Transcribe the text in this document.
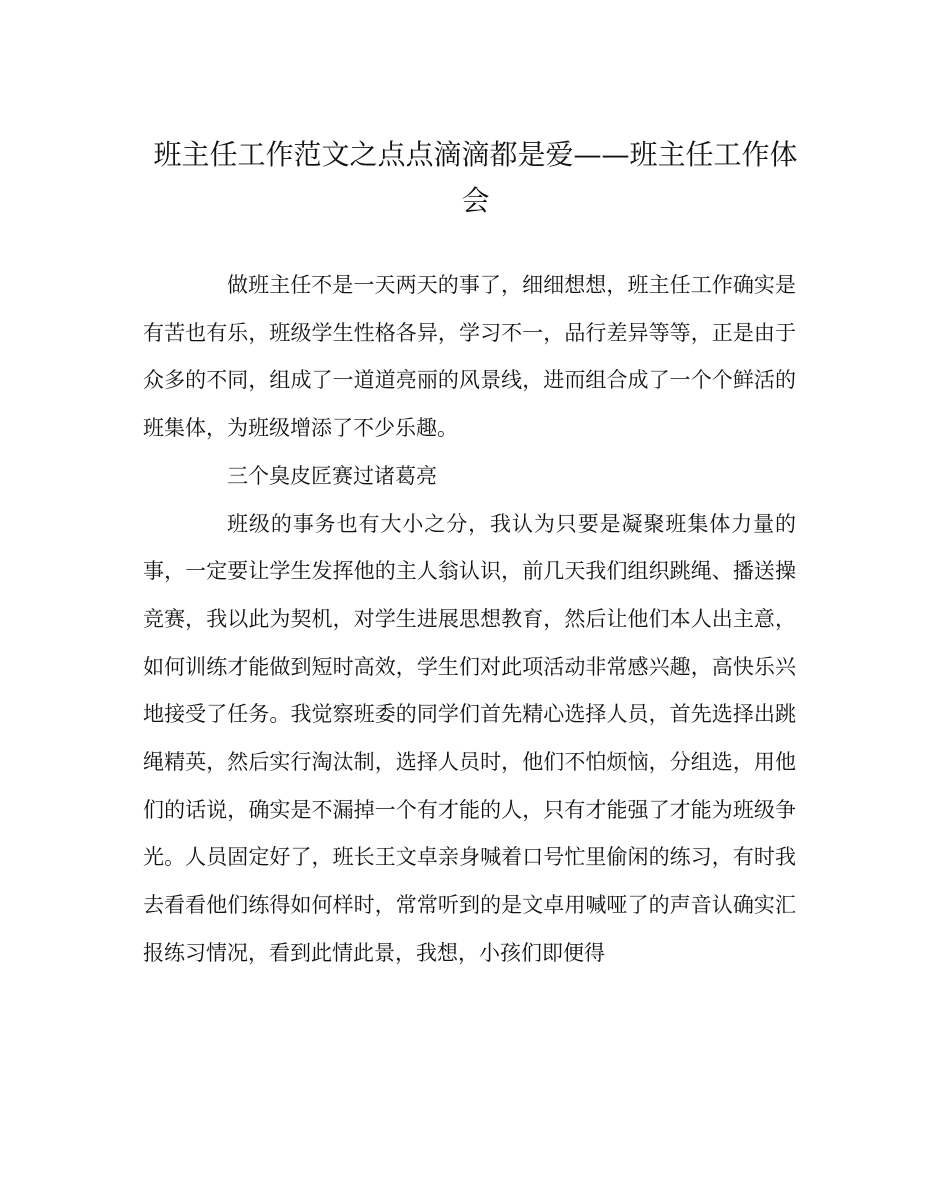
班主任工作范文之点点滴滴都是爱——班主任工作体会

做班主任不是一天两天的事了，细细想想，班主任工作确实是有苦也有乐，班级学生性格各异，学习不一，品行差异等等，正是由于众多的不同，组成了一道道亮丽的风景线，进而组合成了一个个鲜活的班集体，为班级增添了不少乐趣。

三个臭皮匠赛过诸葛亮

班级的事务也有大小之分，我认为只要是凝聚班集体力量的事，一定要让学生发挥他的主人翁认识，前几天我们组织跳绳、播送操竞赛，我以此为契机，对学生进展思想教育，然后让他们本人出主意，如何训练才能做到短时高效，学生们对此项活动非常感兴趣，高快乐兴地接受了任务。我觉察班委的同学们首先精心选择人员，首先选择出跳绳精英，然后实行淘汰制，选择人员时，他们不怕烦恼，分组选，用他们的话说，确实是不漏掉一个有才能的人，只有才能强了才能为班级争光。人员固定好了，班长王文卓亲身喊着口号忙里偷闲的练习，有时我去看看他们练得如何样时，常常听到的是文卓用喊哑了的声音认确实汇报练习情况，看到此情此景，我想，小孩们即便得
